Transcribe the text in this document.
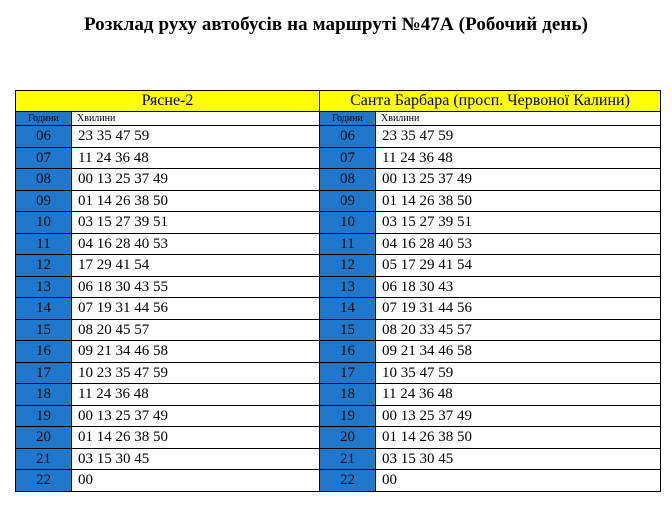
Розклад руху автобусів на маршруті №47А (Робочий день)
Рясне-2	
Години	Хвилини
06	23 35 47 59
07	11 24 36 48
08	00 13 25 37 49
09	01 14 26 38 50
10	03 15 27 39 51
11	04 16 28 40 53
12	17 29 41 54
13	06 18 30 43 55
14	07 19 31 44 56
15	08 20 45 57
16	09 21 34 46 58
17	10 23 35 47 59
18	11 24 36 48
19	00 13 25 37 49
20	01 14 26 38 50
21	03 15 30 45
22	00
Санта Барбара (просп. Червоної Калини)	
Години	Хвилини
06	23 35 47 59
07	11 24 36 48
08	00 13 25 37 49
09	01 14 26 38 50
10	03 15 27 39 51
11	04 16 28 40 53
12	05 17 29 41 54
13	06 18 30 43
14	07 19 31 44 56
15	08 20 33 45 57
16	09 21 34 46 58
17	10 35 47 59
18	11 24 36 48
19	00 13 25 37 49
20	01 14 26 38 50
21	03 15 30 45
22	00
